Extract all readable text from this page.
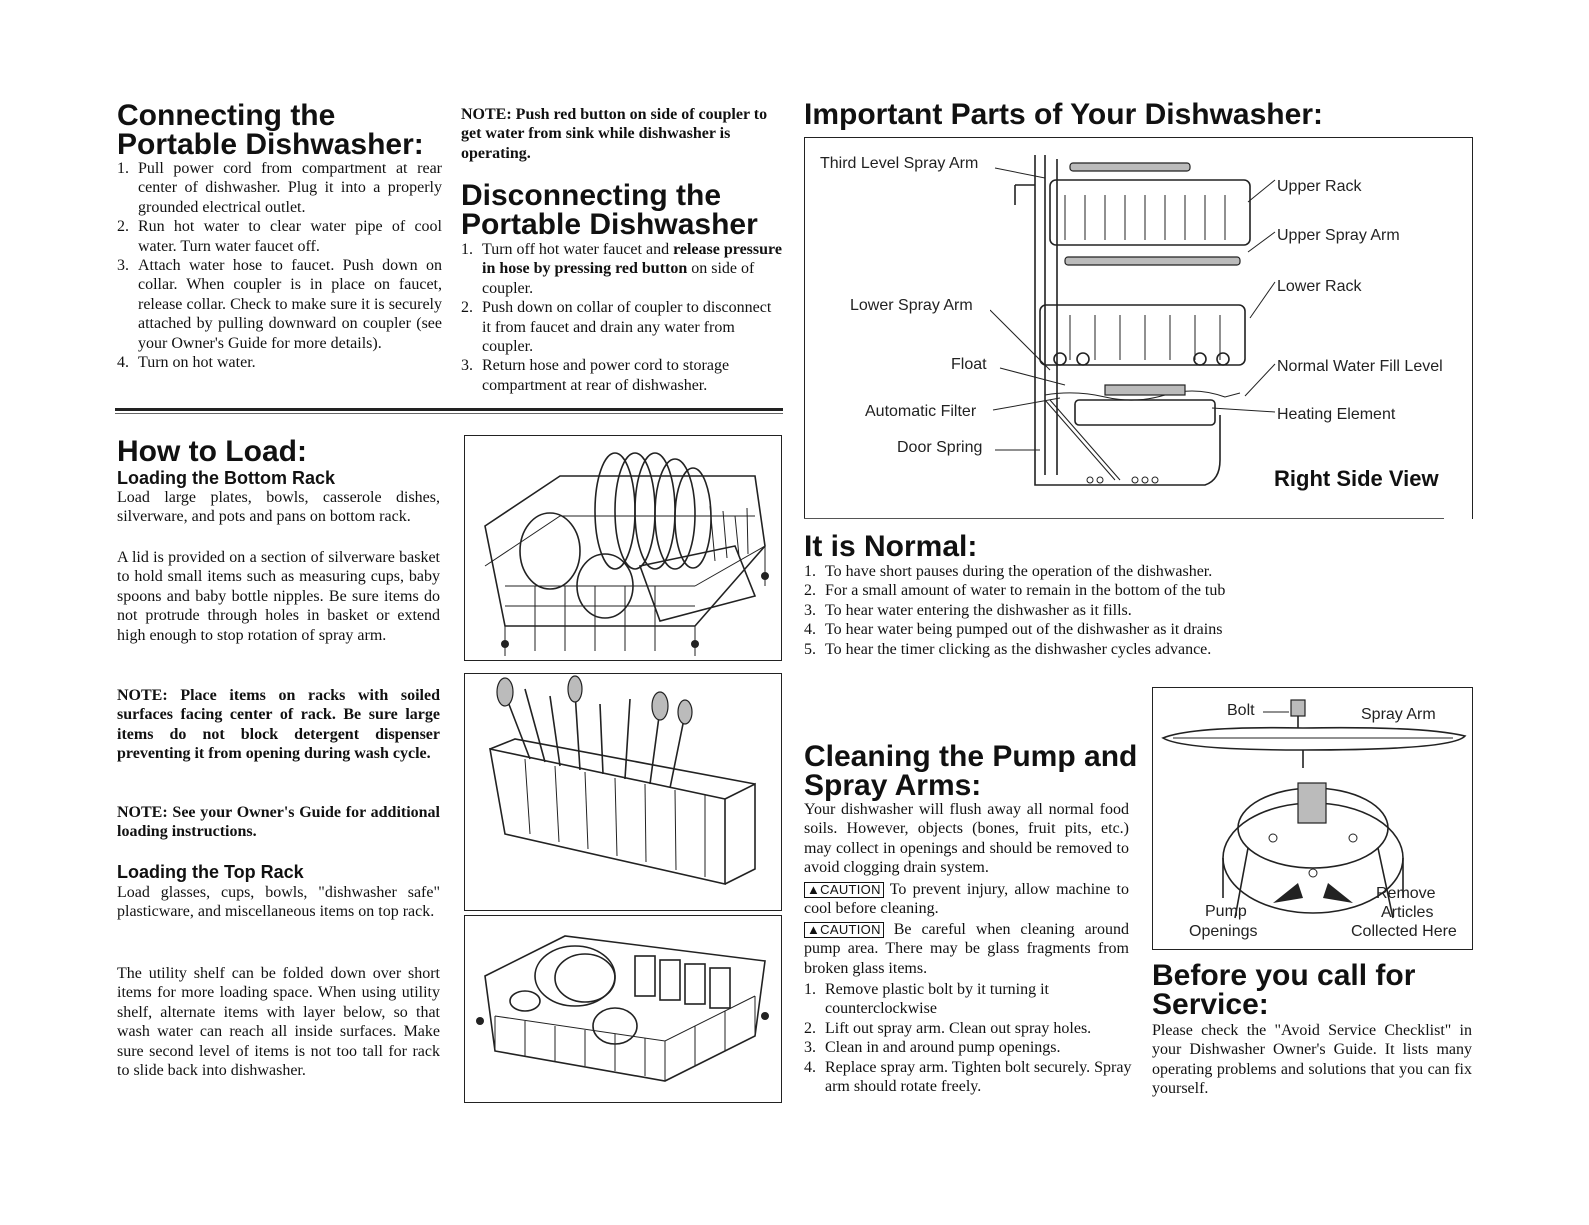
Connecting the Portable Dishwasher:
1. Pull power cord from compartment at rear center of dishwasher. Plug it into a properly grounded electrical outlet.
2. Run hot water to clear water pipe of cool water. Turn water faucet off.
3. Attach water hose to faucet. Push down on collar. When coupler is in place on faucet, release collar. Check to make sure it is securely attached by pulling downward on coupler (see your Owner's Guide for more details).
4. Turn on hot water.

NOTE: Push red button on side of coupler to get water from sink while dishwasher is operating.

Disconnecting the Portable Dishwasher
1. Turn off hot water faucet and release pressure in hose by pressing red button on side of coupler.
2. Push down on collar of coupler to disconnect it from faucet and drain any water from coupler.
3. Return hose and power cord to storage compartment at rear of dishwasher.
How to Load:
Loading the Bottom Rack

Load large plates, bowls, casserole dishes, silverware, and pots and pans on bottom rack.

A lid is provided on a section of silverware basket to hold small items such as measuring cups, baby spoons and baby bottle nipples. Be sure items do not protrude through holes in basket or extend high enough to stop rotation of spray arm.

NOTE: Place items on racks with soiled surfaces facing center of rack. Be sure large items do not block detergent dispenser preventing it from opening during wash cycle.

NOTE: See your Owner's Guide for additional loading instructions.

Loading the Top Rack

Load glasses, cups, bowls, "dishwasher safe" plasticware, and miscellaneous items on top rack.

The utility shelf can be folded down over short items for more loading space. When using utility shelf, alternate items with layer below, so that wash water can reach all inside surfaces. Make sure second level of items is not too tall for rack to slide back into dishwasher.

Important Parts of Your Dishwasher:
Third Level Spray Arm
Lower Spray Arm
Float
Automatic Filter
Door Spring
Upper Rack
Upper Spray Arm
Lower Rack
Normal Water Fill Level
Heating Element
Right Side View
It is Normal:
1. To have short pauses during the operation of the dishwasher.
2. For a small amount of water to remain in the bottom of the tub
3. To hear water entering the dishwasher as it fills.
4. To hear water being pumped out of the dishwasher as it drains
5. To hear the timer clicking as the dishwasher cycles advance.
Cleaning the Pump and Spray Arms:

Your dishwasher will flush away all normal food soils. However, objects (bones, fruit pits, etc.) may collect in openings and should be removed to avoid clogging drain system.

▲CAUTION To prevent injury, allow machine to cool before cleaning.

▲CAUTION Be careful when cleaning around pump area. There may be glass fragments from broken glass items.

1. Remove plastic bolt by it turning it counterclockwise
2. Lift out spray arm. Clean out spray holes.
3. Clean in and around pump openings.
4. Replace spray arm. Tighten bolt securely. Spray arm should rotate freely.
Bolt	Spray Arm
Pump
Openings
Remove
Articles
Collected Here
Before you call for Service:

Please check the "Avoid Service Checklist" in your Dishwasher Owner's Guide. It lists many operating problems and solutions that you can fix yourself.
